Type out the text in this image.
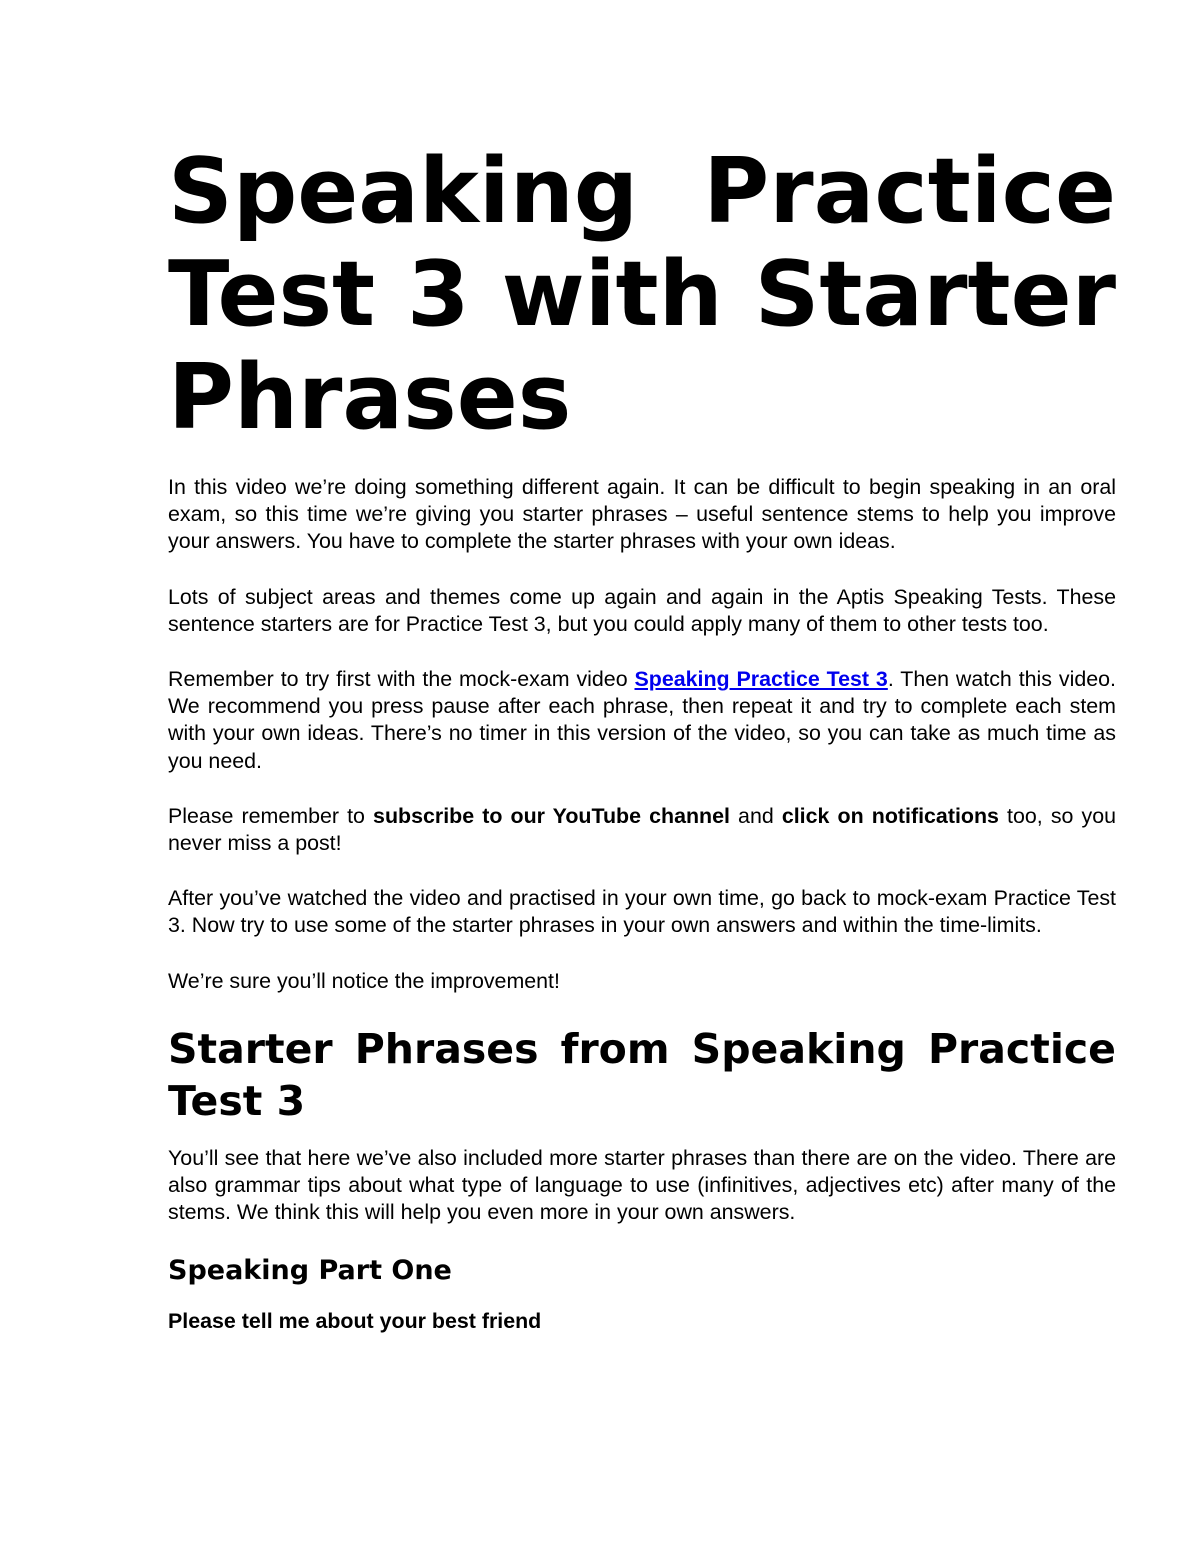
Speaking Practice Test 3 with Starter Phrases

In this video we’re doing something different again. It can be difficult to begin speaking in an oral exam, so this time we’re giving you starter phrases – useful sentence stems to help you improve your answers. You have to complete the starter phrases with your own ideas.

Lots of subject areas and themes come up again and again in the Aptis Speaking Tests. These sentence starters are for Practice Test 3, but you could apply many of them to other tests too.

Remember to try first with the mock-exam video Speaking Practice Test 3. Then watch this video. We recommend you press pause after each phrase, then repeat it and try to complete each stem with your own ideas. There’s no timer in this version of the video, so you can take as much time as you need.

Please remember to subscribe to our YouTube channel and click on notifications too, so you never miss a post!

After you’ve watched the video and practised in your own time, go back to mock-exam Practice Test 3. Now try to use some of the starter phrases in your own answers and within the time-limits.

We’re sure you’ll notice the improvement!

Starter Phrases from Speaking Practice Test 3

You’ll see that here we’ve also included more starter phrases than there are on the video. There are also grammar tips about what type of language to use (infinitives, adjectives etc) after many of the stems. We think this will help you even more in your own answers.

Speaking Part One
Please tell me about your best friend
